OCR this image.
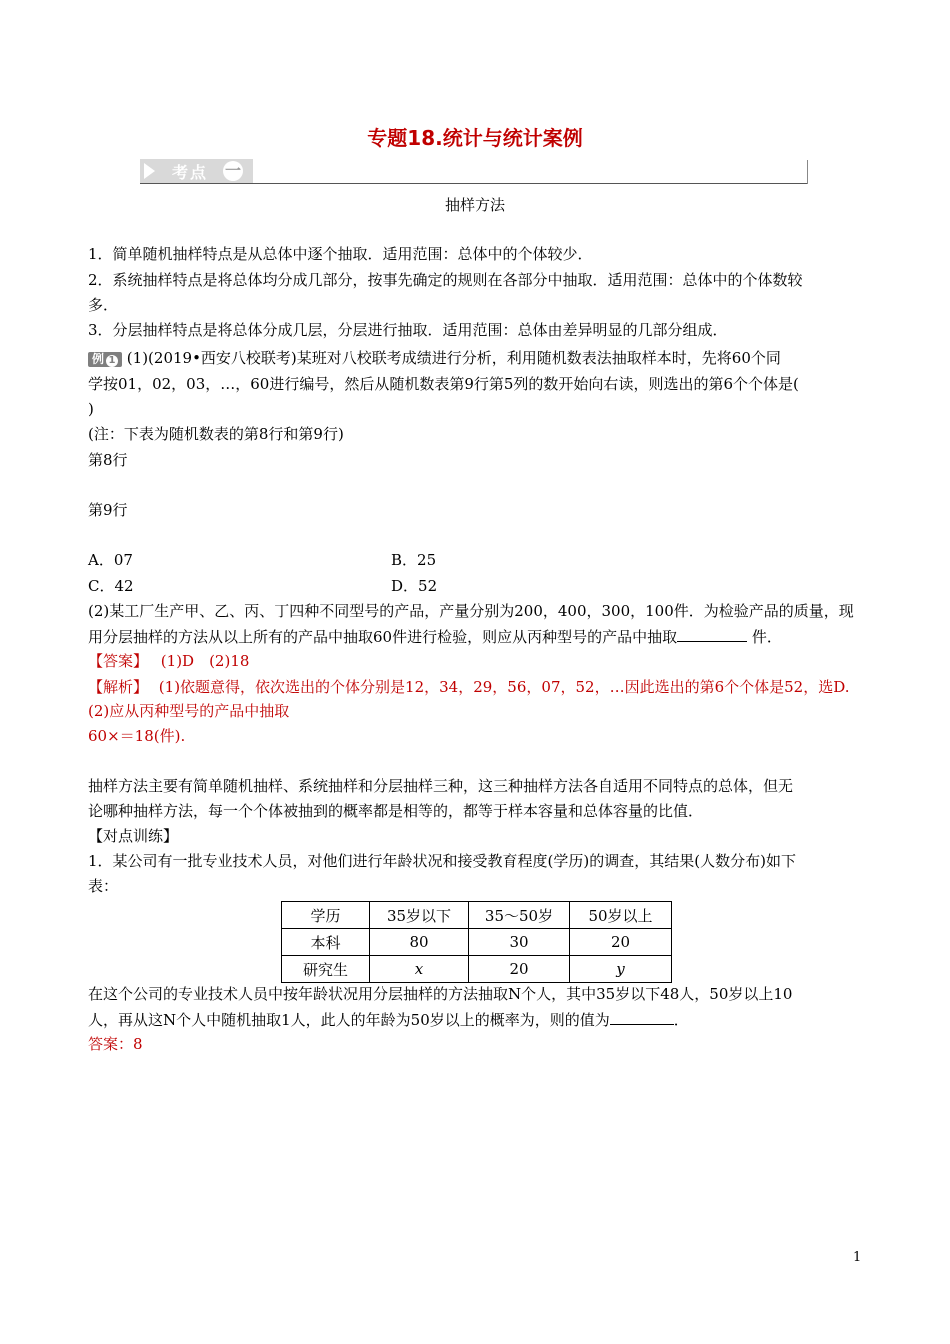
专题18.统计与统计案例
考点 一
抽样方法
1．简单随机抽样特点是从总体中逐个抽取．适用范围：总体中的个体较少．
2．系统抽样特点是将总体均分成几部分，按事先确定的规则在各部分中抽取．适用范围：总体中的个体数较
多．
3．分层抽样特点是将总体分成几层，分层进行抽取．适用范围：总体由差异明显的几部分组成．
例 1 (1)(2019•西安八校联考)某班对八校联考成绩进行分析，利用随机数表法抽取样本时，先将60个同
学按01，02，03，…，60进行编号，然后从随机数表第9行第5列的数开始向右读，则选出的第6个个体是(
)
(注：下表为随机数表的第8行和第9行)
第8行
第9行
A．07	B．25
C．42	D．52
(2)某工厂生产甲、乙、丙、丁四种不同型号的产品，产量分别为200，400，300，100件．为检验产品的质量，现
用分层抽样的方法从以上所有的产品中抽取60件进行检验，则应从丙种型号的产品中抽取	件．
【答案】 (1)D　(2)18
【解析】 (1)依题意得，依次选出的个体分别是12，34，29，56，07，52，…因此选出的第6个个体是52，选D.
(2)应从丙种型号的产品中抽取
60×＝18(件).
抽样方法主要有简单随机抽样、系统抽样和分层抽样三种，这三种抽样方法各自适用不同特点的总体，但无
论哪种抽样方法，每一个个体被抽到的概率都是相等的，都等于样本容量和总体容量的比值．
【对点训练】
1．某公司有一批专业技术人员，对他们进行年龄状况和接受教育程度(学历)的调查，其结果(人数分布)如下
表：
学历	35岁以下	35～50岁	50岁以上
本科	80	30	20
研究生	x	20	y
在这个公司的专业技术人员中按年龄状况用分层抽样的方法抽取N个人，其中35岁以下48人，50岁以上10
人，再从这N个人中随机抽取1人，此人的年龄为50岁以上的概率为，则的值为	．
答案：8
1
